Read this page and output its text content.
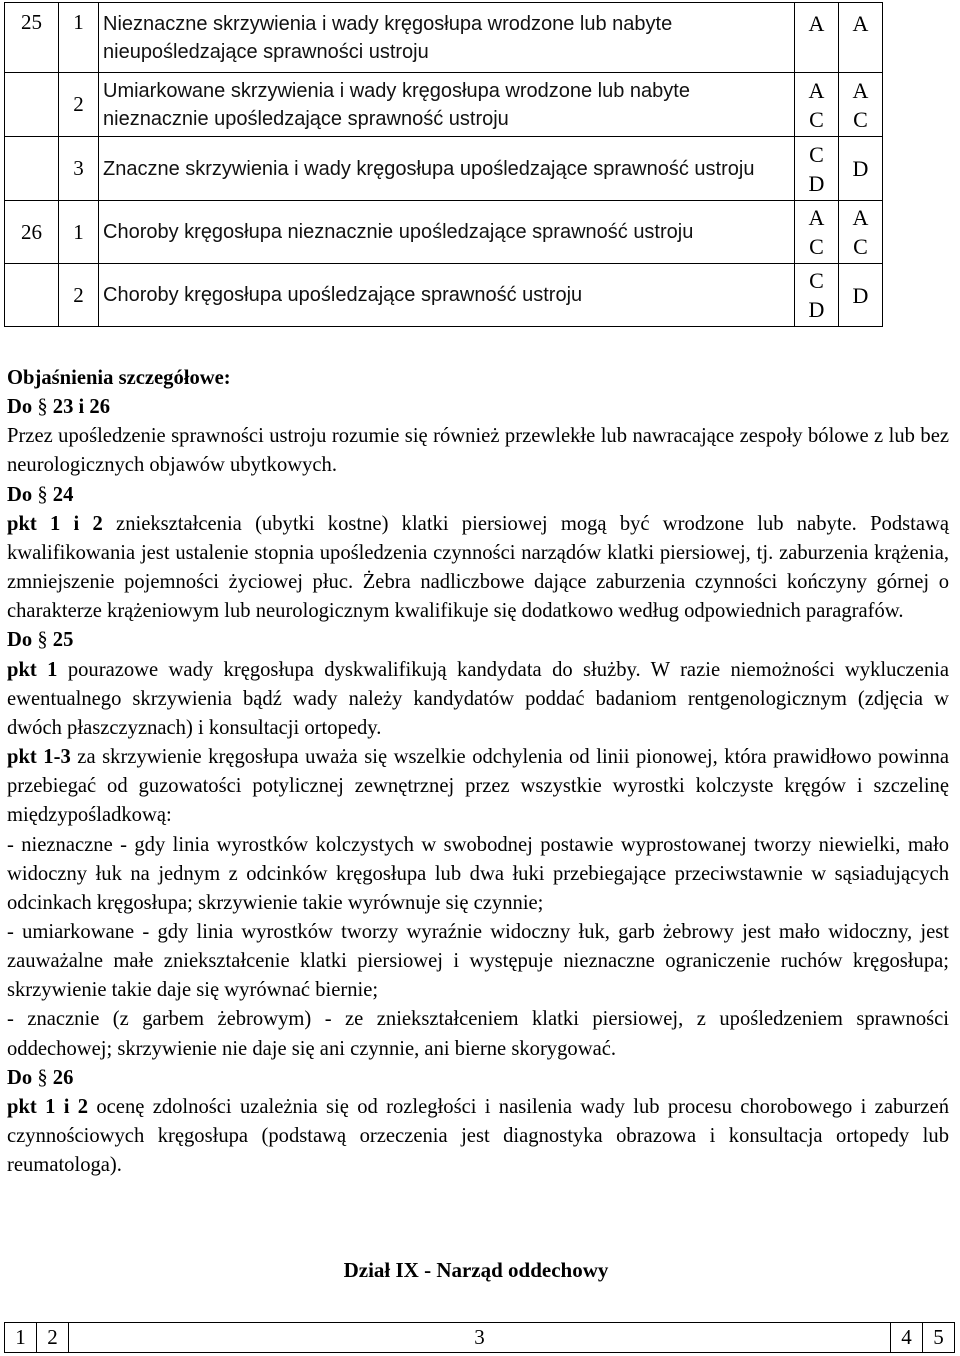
25	1	Nieznaczne skrzywienia i wady kręgosłupa wrodzone lub nabyte nieupośledzające sprawności ustroju	A	A
	2	Umiarkowane skrzywienia i wady kręgosłupa wrodzone lub nabyte nieznacznie upośledzające sprawność ustroju	A C	A C
	3	Znaczne skrzywienia i wady kręgosłupa upośledzające sprawność ustroju	C D	D
26	1	Choroby kręgosłupa nieznacznie upośledzające sprawność ustroju	A C	A C
	2	Choroby kręgosłupa upośledzające sprawność ustroju	C D	D

Objaśnienia szczegółowe:

Do § 23 i 26

Przez upośledzenie sprawności ustroju rozumie się również przewlekłe lub nawracające zespoły bólowe z lub bez neurologicznych objawów ubytkowych.

Do § 24

pkt 1 i 2 zniekształcenia (ubytki kostne) klatki piersiowej mogą być wrodzone lub nabyte. Podstawą kwalifikowania jest ustalenie stopnia upośledzenia czynności narządów klatki piersiowej, tj. zaburzenia krążenia, zmniejszenie pojemności życiowej płuc. Żebra nadliczbowe dające zaburzenia czynności kończyny górnej o charakterze krążeniowym lub neurologicznym kwalifikuje się dodatkowo według odpowiednich paragrafów.

Do § 25

pkt 1 pourazowe wady kręgosłupa dyskwalifikują kandydata do służby. W razie niemożności wykluczenia ewentualnego skrzywienia bądź wady należy kandydatów poddać badaniom rentgenologicznym (zdjęcia w dwóch płaszczyznach) i konsultacji ortopedy.

pkt 1-3 za skrzywienie kręgosłupa uważa się wszelkie odchylenia od linii pionowej, która prawidłowo powinna przebiegać od guzowatości potylicznej zewnętrznej przez wszystkie wyrostki kolczyste kręgów i szczelinę międzypośladkową:

- nieznaczne - gdy linia wyrostków kolczystych w swobodnej postawie wyprostowanej tworzy niewielki, mało widoczny łuk na jednym z odcinków kręgosłupa lub dwa łuki przebiegające przeciwstawnie w sąsiadujących odcinkach kręgosłupa; skrzywienie takie wyrównuje się czynnie;

- umiarkowane - gdy linia wyrostków tworzy wyraźnie widoczny łuk, garb żebrowy jest mało widoczny, jest zauważalne małe zniekształcenie klatki piersiowej i występuje nieznaczne ograniczenie ruchów kręgosłupa; skrzywienie takie daje się wyrównać biernie;

- znacznie (z garbem żebrowym) - ze zniekształceniem klatki piersiowej, z upośledzeniem sprawności oddechowej; skrzywienie nie daje się ani czynnie, ani bierne skorygować.

Do § 26

pkt 1 i 2 ocenę zdolności uzależnia się od rozległości i nasilenia wady lub procesu chorobowego i zaburzeń czynnościowych kręgosłupa (podstawą orzeczenia jest diagnostyka obrazowa i konsultacja ortopedy lub reumatologa).

Dział IX - Narząd oddechowy
1	2	3	4	5
